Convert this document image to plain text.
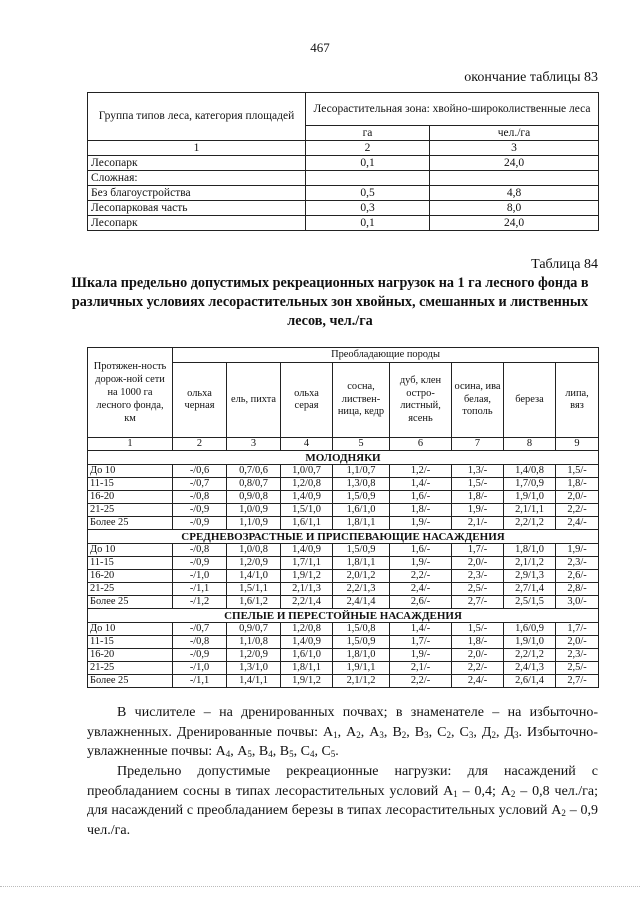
467
окончание таблицы 83
Группа типов леса, категория площадей	Лесорастительная зона: хвойно-широколиственные леса	
	га	чел./га
1	2	3
Лесопарк	0,1	24,0
Сложная:		
Без благоустройства	0,5	4,8
Лесопарковая часть	0,3	8,0
Лесопарк	0,1	24,0
Таблица 84
Шкала предельно допустимых рекреационных нагрузок на 1 га лесного фонда в различных условиях лесорастительных зон хвойных, смешанных и лиственных лесов, чел./га
Протяжен-ность дорож-ной сети на 1000 га лесного фонда, км	Преобладающие породы							
	ольха черная	ель, пихта	ольха серая	сосна, листвен-ница, кедр	дуб, клен остро-листный, ясень	осина, ива белая, тополь	береза	липа, вяз
1	2	3	4	5	6	7	8	9
МОЛОДНЯКИ								
До 10	-/0,6	0,7/0,6	1,0/0,7	1,1/0,7	1,2/-	1,3/-	1,4/0,8	1,5/-
11-15	-/0,7	0,8/0,7	1,2/0,8	1,3/0,8	1,4/-	1,5/-	1,7/0,9	1,8/-
16-20	-/0,8	0,9/0,8	1,4/0,9	1,5/0,9	1,6/-	1,8/-	1,9/1,0	2,0/-
21-25	-/0,9	1,0/0,9	1,5/1,0	1,6/1,0	1,8/-	1,9/-	2,1/1,1	2,2/-
Более 25	-/0,9	1,1/0,9	1,6/1,1	1,8/1,1	1,9/-	2,1/-	2,2/1,2	2,4/-
СРЕДНЕВОЗРАСТНЫЕ И ПРИСПЕВАЮЩИЕ НАСАЖДЕНИЯ								
До 10	-/0,8	1,0/0,8	1,4/0,9	1,5/0,9	1,6/-	1,7/-	1,8/1,0	1,9/-
11-15	-/0,9	1,2/0,9	1,7/1,1	1,8/1,1	1,9/-	2,0/-	2,1/1,2	2,3/-
16-20	-/1,0	1,4/1,0	1,9/1,2	2,0/1,2	2,2/-	2,3/-	2,9/1,3	2,6/-
21-25	-/1,1	1,5/1,1	2,1/1,3	2,2/1,3	2,4/-	2,5/-	2,7/1,4	2,8/-
Более 25	-/1,2	1,6/1,2	2,2/1,4	2,4/1,4	2,6/-	2,7/-	2,5/1,5	3,0/-
СПЕЛЫЕ И ПЕРЕСТОЙНЫЕ НАСАЖДЕНИЯ								
До 10	-/0,7	0,9/0,7	1,2/0,8	1,5/0,8	1,4/-	1,5/-	1,6/0,9	1,7/-
11-15	-/0,8	1,1/0,8	1,4/0,9	1,5/0,9	1,7/-	1,8/-	1,9/1,0	2,0/-
16-20	-/0,9	1,2/0,9	1,6/1,0	1,8/1,0	1,9/-	2,0/-	2,2/1,2	2,3/-
21-25	-/1,0	1,3/1,0	1,8/1,1	1,9/1,1	2,1/-	2,2/-	2,4/1,3	2,5/-
Более 25	-/1,1	1,4/1,1	1,9/1,2	2,1/1,2	2,2/-	2,4/-	2,6/1,4	2,7/-
В числителе – на дренированных почвах; в знаменателе – на избыточно-увлажненных. Дренированные почвы: $А_1$, $А_2$, $А_3$, $В_2$, $В_3$, $С_2$, $С_3$, $Д_2$, $Д_3$. Избыточно-увлажненные почвы: $А_4$, $А_5$, $В_4$, $В_5$, $С_4$, $С_5$.
Предельно допустимые рекреационные нагрузки: для насаждений с преобладанием сосны в типах лесорастительных условий $А_1 - 0,4$; $А_2 - 0,8$ чел./га; для насаждений с преобладанием березы в типах лесорастительных условий $А_2 - 0,9$ чел./га.
